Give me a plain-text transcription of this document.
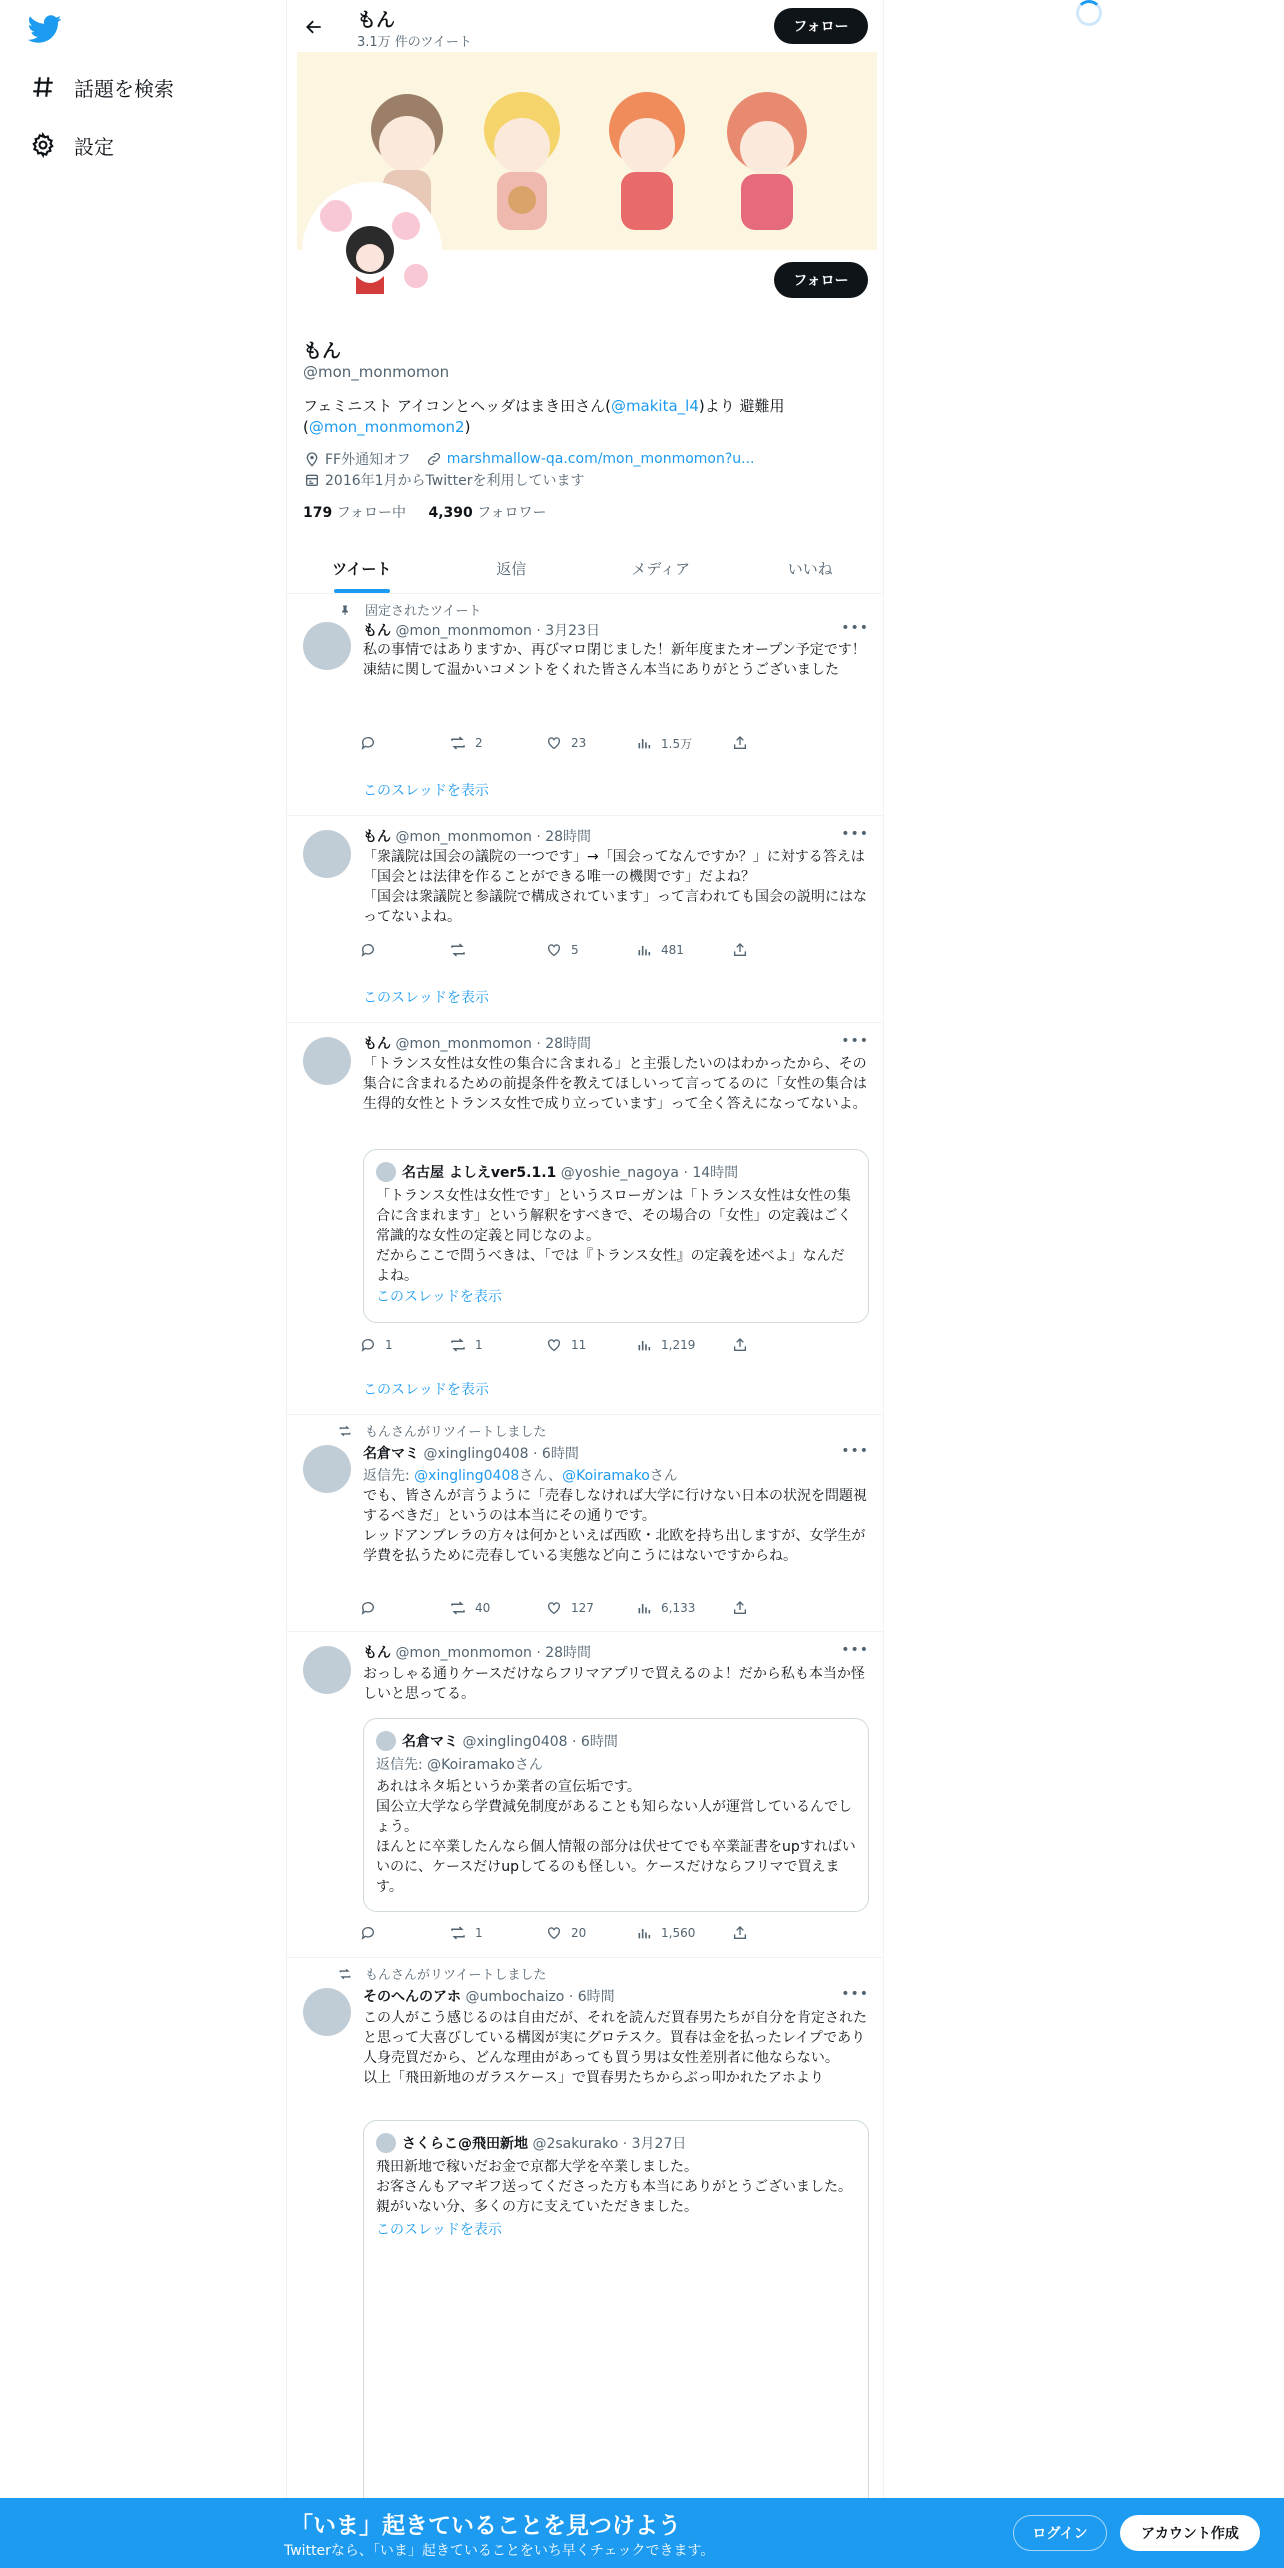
話題を検索
設定
もん
3.1万 件のツイート
フォロー
フォロー
もん
@mon_monmomon
フェミニスト アイコンとヘッダはまき田さん(@makita_l4)より 避難用(@mon_monmomon2)
FF外通知オフ	marshmallow-qa.com/mon_monmomon?u...
2016年1月からTwitterを利用しています
179 フォロー中 4,390 フォロワー
ツイート	返信	メディア	いいね
固定されたツイート
もん @mon_monmomon · 3月23日	•••
私の事情ではありますか、再びマロ閉じました！新年度またオープン予定です！
凍結に関して温かいコメントをくれた皆さん本当にありがとうございました
2	23	1.5万
このスレッドを表示
もん @mon_monmomon · 28時間	•••
「衆議院は国会の議院の一つです」→「国会ってなんですか？」に対する答えは「国会とは法律を作ることができる唯一の機関です」だよね？
「国会は衆議院と参議院で構成されています」って言われても国会の説明にはなってないよね。
5	481
このスレッドを表示
もん @mon_monmomon · 28時間	•••
「トランス女性は女性の集合に含まれる」と主張したいのはわかったから、その集合に含まれるための前提条件を教えてほしいって言ってるのに「女性の集合は生得的女性とトランス女性で成り立っています」って全く答えになってないよ。
名古屋 よしえver5.1.1 @yoshie_nagoya · 14時間
「トランス女性は女性です」というスローガンは「トランス女性は女性の集合に含まれます」という解釈をすべきで、その場合の「女性」の定義はごく常識的な女性の定義と同じなのよ。
だからここで問うべきは、「では『トランス女性』の定義を述べよ」なんだよね。
このスレッドを表示
1	1	11	1,219
このスレッドを表示
もんさんがリツイートしました
名倉マミ @xingling0408 · 6時間	•••
返信先: @xingling0408さん、@Koiramakoさん
でも、皆さんが言うように「売春しなければ大学に行けない日本の状況を問題視するべきだ」というのは本当にその通りです。
レッドアンブレラの方々は何かといえば西欧・北欧を持ち出しますが、女学生が学費を払うために売春している実態など向こうにはないですからね。
40	127	6,133
もん @mon_monmomon · 28時間	•••
おっしゃる通りケースだけならフリマアプリで買えるのよ！だから私も本当か怪しいと思ってる。
名倉マミ @xingling0408 · 6時間
返信先: @Koiramakoさん
あれはネタ垢というか業者の宣伝垢です。
国公立大学なら学費減免制度があることも知らない人が運営しているんでしょう。
ほんとに卒業したんなら個人情報の部分は伏せてでも卒業証書をupすればいいのに、ケースだけupしてるのも怪しい。ケースだけならフリマで買えます。
1	20	1,560
もんさんがリツイートしました
そのへんのアホ @umbochaizo · 6時間	•••
この人がこう感じるのは自由だが、それを読んだ買春男たちが自分を肯定されたと思って大喜びしている構図が実にグロテスク。買春は金を払ったレイプであり人身売買だから、どんな理由があっても買う男は女性差別者に他ならない。
以上「飛田新地のガラスケース」で買春男たちからぶっ叩かれたアホより
さくらこ@飛田新地 @2sakurako · 3月27日
飛田新地で稼いだお金で京都大学を卒業しました。
お客さんもアマギフ送ってくださった方も本当にありがとうございました。親がいない分、多くの方に支えていただきました。
このスレッドを表示
「いま」起きていることを見つけよう
Twitterなら、「いま」起きていることをいち早くチェックできます。
ログイン	アカウント作成
